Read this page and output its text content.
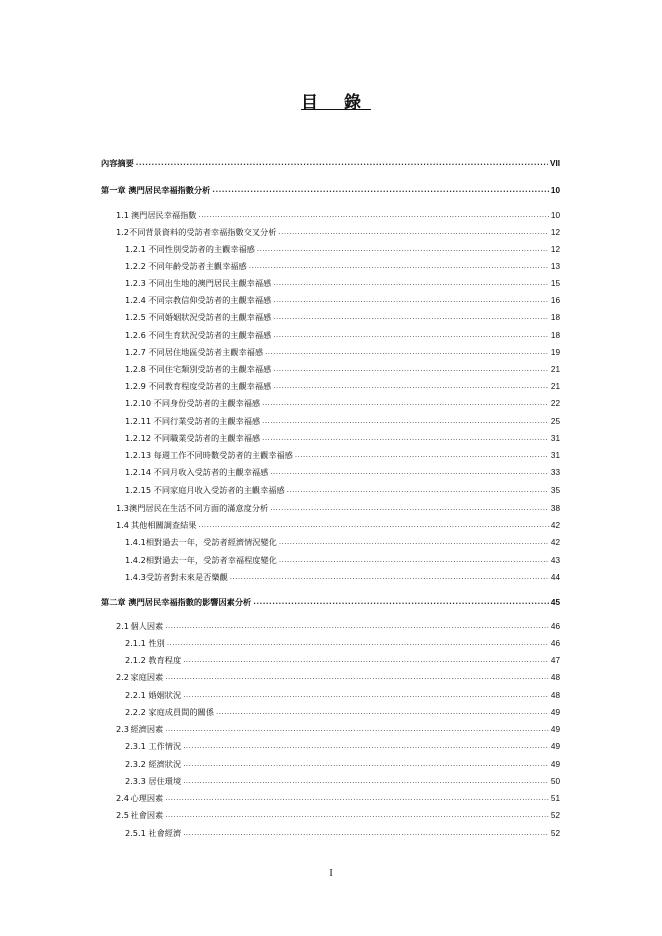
目 錄
內容摘要 .....	VII
第一章 澳門居民幸福指數分析 .....	10
1.1 澳門居民幸福指數 .....	10
1.2 不同背景資料的受訪者幸福指數交叉分析 .....	12
1.2.1 不同性別受訪者的主觀幸福感 .....	12
1.2.2 不同年齡受訪者主觀幸福感 .....	13
1.2.3 不同出生地的澳門居民主觀幸福感 .....	15
1.2.4 不同宗教信仰受訪者的主觀幸福感 .....	16
1.2.5 不同婚姻狀況受訪者的主觀幸福感 .....	18
1.2.6 不同生育狀況受訪者的主觀幸福感 .....	18
1.2.7 不同居住地區受訪者主觀幸福感 .....	19
1.2.8 不同住宅類別受訪者的主觀幸福感 .....	21
1.2.9 不同教育程度受訪者的主觀幸福感 .....	21
1.2.10 不同身份受訪者的主觀幸福感 .....	22
1.2.11 不同行業受訪者的主觀幸福感 .....	25
1.2.12 不同職業受訪者的主觀幸福感 .....	31
1.2.13 每週工作不同時數受訪者的主觀幸福感 .....	31
1.2.14 不同月收入受訪者的主觀幸福感 .....	33
1.2.15 不同家庭月收入受訪者的主觀幸福感 .....	35
1.3 澳門居民在生活不同方面的滿意度分析 .....	38
1.4 其他相關調查結果 .....	42
1.4.1 相對過去一年，受訪者經濟情況變化 .....	42
1.4.2 相對過去一年，受訪者幸福程度變化 .....	43
1.4.3 受訪者對未來是否樂觀 .....	44
第二章 澳門居民幸福指數的影響因素分析 .....	45
2.1 個人因素 .....	46
2.1.1 性別 .....	46
2.1.2 教育程度 .....	47
2.2 家庭因素 .....	48
2.2.1 婚姻狀況 .....	48
2.2.2 家庭成員間的關係 .....	49
2.3 經濟因素 .....	49
2.3.1 工作情況 .....	49
2.3.2 經濟狀況 .....	49
2.3.3 居住環境 .....	50
2.4 心理因素 .....	51
2.5 社會因素 .....	52
2.5.1 社會經濟 .....	52
I
